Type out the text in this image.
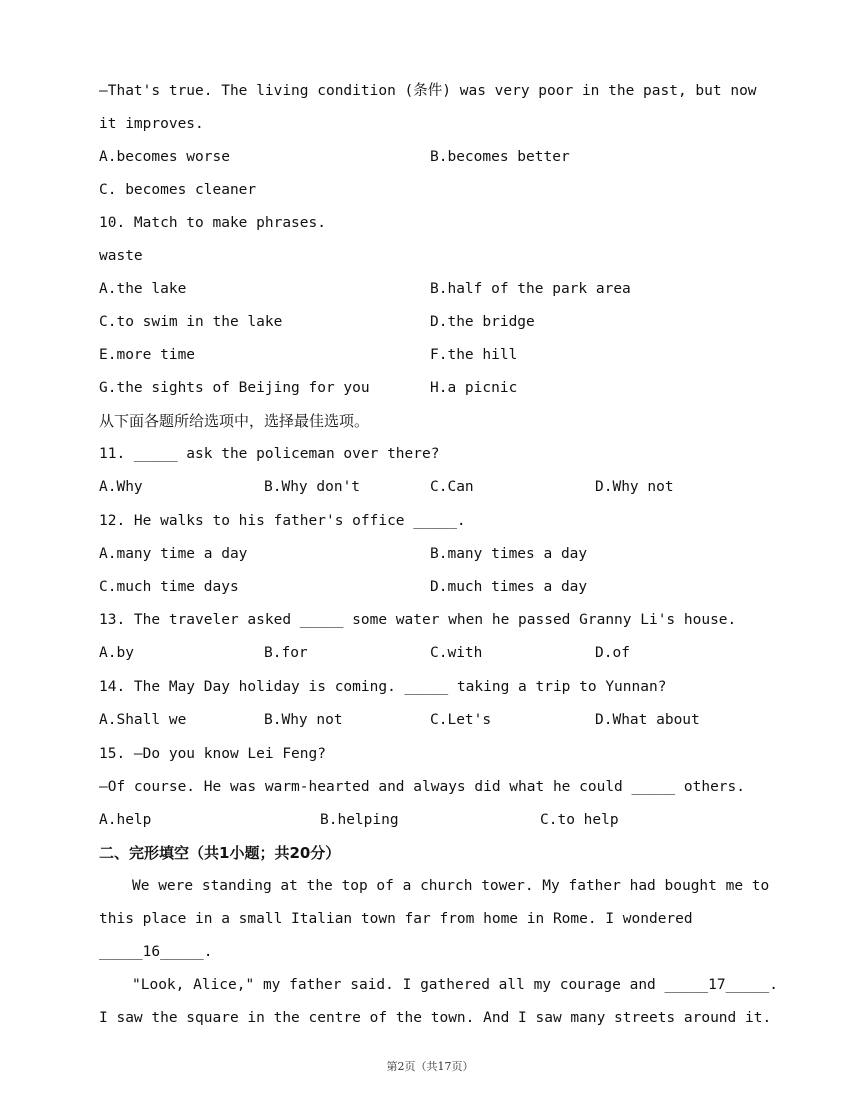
—That's true. The living condition (条件) was very poor in the past, but now
it improves.
A.becomes worse	B.becomes better
C. becomes cleaner
10. Match to make phrases.
waste
A.the lake	B.half of the park area
C.to swim in the lake	D.the bridge
E.more time	F.the hill
G.the sights of Beijing for you	H.a picnic
从下面各题所给选项中，选择最佳选项。
11. _____ ask the policeman over there?
A.Why	B.Why don't	C.Can	D.Why not
12. He walks to his father's office _____.
A.many time a day	B.many times a day
C.much time days	D.much times a day
13. The traveler asked _____ some water when he passed Granny Li's house.
A.by	B.for	C.with	D.of
14. The May Day holiday is coming. _____ taking a trip to Yunnan?
A.Shall we	B.Why not	C.Let's	D.What about
15. —Do you know Lei Feng?
—Of course. He was warm-hearted and always did what he could _____ others.
A.help	B.helping	C.to help
二、完形填空（共1小题；共20分）
We were standing at the top of a church tower. My father had bought me to
this place in a small Italian town far from home in Rome. I wondered
_____16_____.
"Look, Alice," my father said. I gathered all my courage and _____17_____.
I saw the square in the centre of the town. And I saw many streets around it.
第2页（共17页）
